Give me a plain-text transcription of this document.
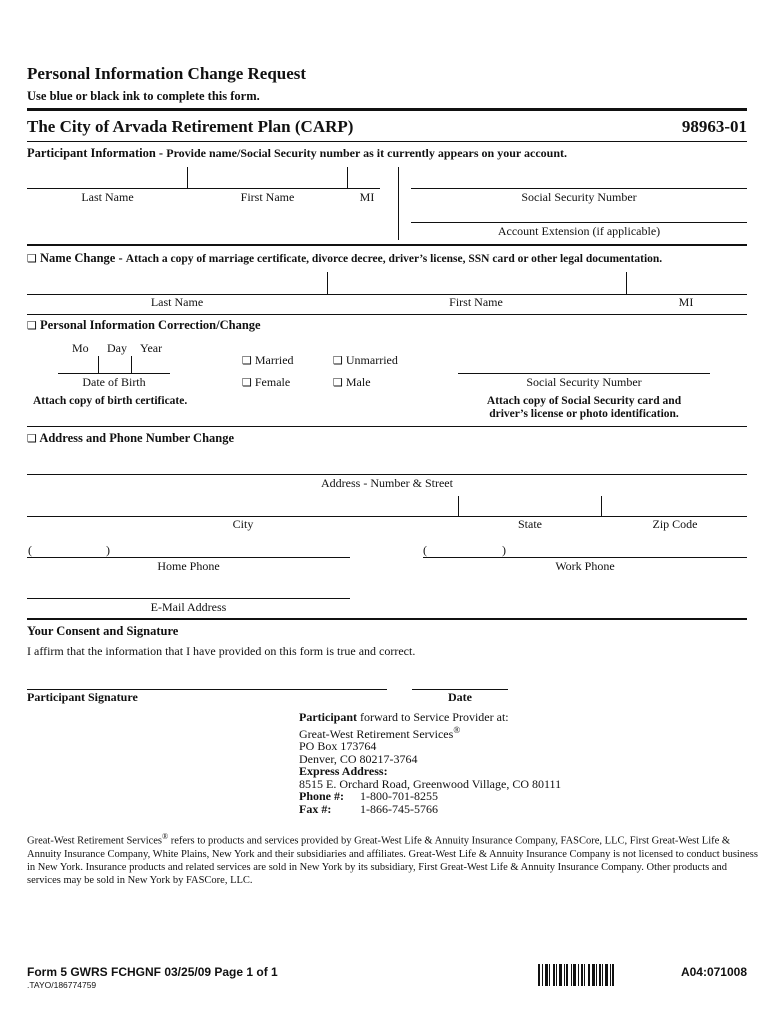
Personal Information Change Request
Use blue or black ink to complete this form.
The City of Arvada Retirement Plan (CARP)	98963-01
Participant Information - Provide name/Social Security number as it currently appears on your account.
Last Name	First Name	MI	Social Security Number
Account Extension (if applicable)
❑ Name Change - Attach a copy of marriage certificate, divorce decree, driver’s license, SSN card or other legal documentation.
Last Name	First Name	MI
❑ Personal Information Correction/Change
Mo Day Year
Date of Birth
❑ Married	❑ Unmarried
❑ Female	❑ Male	Social Security Number
Attach copy of birth certificate.	Attach copy of Social Security card and
driver’s license or photo identification.
❑ Address and Phone Number Change
Address - Number & Street
City	State	Zip Code
(	)
Home Phone
(	)
Work Phone
E-Mail Address
Your Consent and Signature
I affirm that the information that I have provided on this form is true and correct.
Participant Signature	Date
Participant forward to Service Provider at:
Great-West Retirement Services®
PO Box 173764
Denver, CO 80217-3764
Express Address:
8515 E. Orchard Road, Greenwood Village, CO 80111
Phone #: 1-800-701-8255
Fax #: 1-866-745-5766
Great-West Retirement Services® refers to products and services provided by Great-West Life & Annuity Insurance Company, FASCore, LLC, First Great-West Life &
Annuity Insurance Company, White Plains, New York and their subsidiaries and affiliates. Great-West Life & Annuity Insurance Company is not licensed to conduct business
in New York. Insurance products and related services are sold in New York by its subsidiary, First Great-West Life & Annuity Insurance Company. Other products and
services may be sold in New York by FASCore, LLC.
Form 5 GWRS FCHGNF 03/25/09 Page 1 of 1
.TAYO/186774759
A04:071008
